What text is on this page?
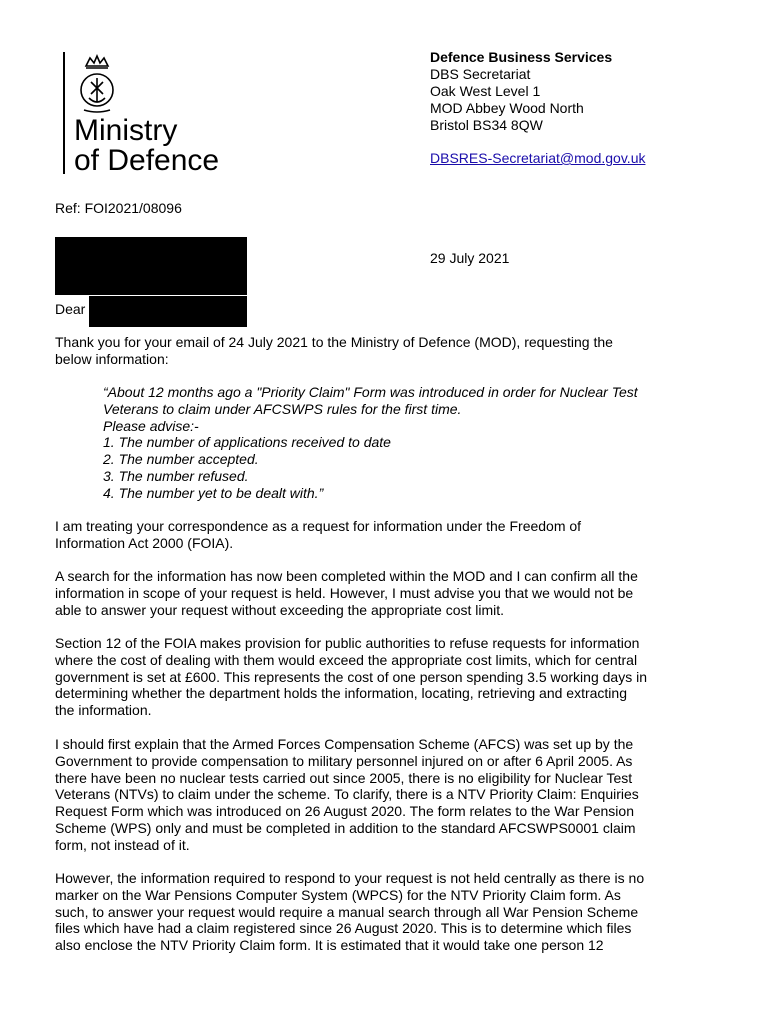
Ministry
of Defence
Defence Business Services
DBS Secretariat
Oak West Level 1
MOD Abbey Wood North
Bristol BS34 8QW
DBSRES-Secretariat@mod.gov.uk
Ref: FOI2021/08096
29 July 2021
Dear
Thank you for your email of 24 July 2021 to the Ministry of Defence (MOD), requesting the
below information:
“About 12 months ago a "Priority Claim" Form was introduced in order for Nuclear Test
Veterans to claim under AFCSWPS rules for the first time.
Please advise:-
1. The number of applications received to date
2. The number accepted.
3. The number refused.
4. The number yet to be dealt with.”
I am treating your correspondence as a request for information under the Freedom of
Information Act 2000 (FOIA).
A search for the information has now been completed within the MOD and I can confirm all the
information in scope of your request is held. However, I must advise you that we would not be
able to answer your request without exceeding the appropriate cost limit.
Section 12 of the FOIA makes provision for public authorities to refuse requests for information
where the cost of dealing with them would exceed the appropriate cost limits, which for central
government is set at £600. This represents the cost of one person spending 3.5 working days in
determining whether the department holds the information, locating, retrieving and extracting
the information.
I should first explain that the Armed Forces Compensation Scheme (AFCS) was set up by the
Government to provide compensation to military personnel injured on or after 6 April 2005. As
there have been no nuclear tests carried out since 2005, there is no eligibility for Nuclear Test
Veterans (NTVs) to claim under the scheme. To clarify, there is a NTV Priority Claim: Enquiries
Request Form which was introduced on 26 August 2020. The form relates to the War Pension
Scheme (WPS) only and must be completed in addition to the standard AFCSWPS0001 claim
form, not instead of it.
However, the information required to respond to your request is not held centrally as there is no
marker on the War Pensions Computer System (WPCS) for the NTV Priority Claim form. As
such, to answer your request would require a manual search through all War Pension Scheme
files which have had a claim registered since 26 August 2020. This is to determine which files
also enclose the NTV Priority Claim form. It is estimated that it would take one person 12
